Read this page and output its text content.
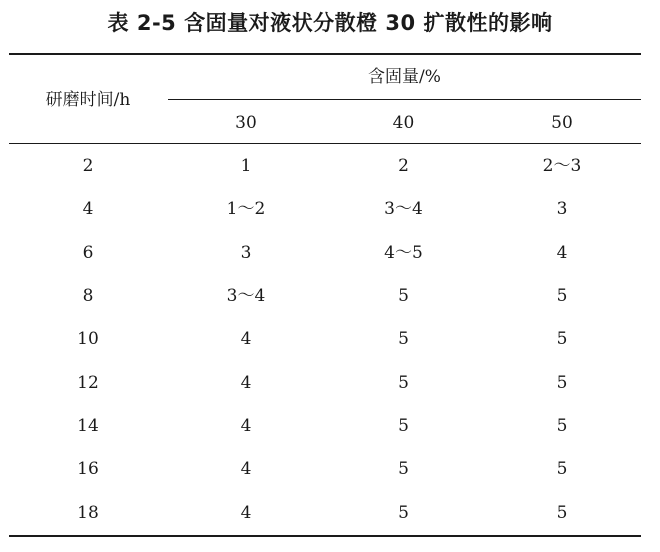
表 2-5 含固量对液状分散橙 30 扩散性的影响
研磨时间/h
含固量/%
30	40	50
2	1	2	2～3
4	1～2	3～4	3
6	3	4～5	4
8	3～4	5	5
10	4	5	5
12	4	5	5
14	4	5	5
16	4	5	5
18	4	5	5
